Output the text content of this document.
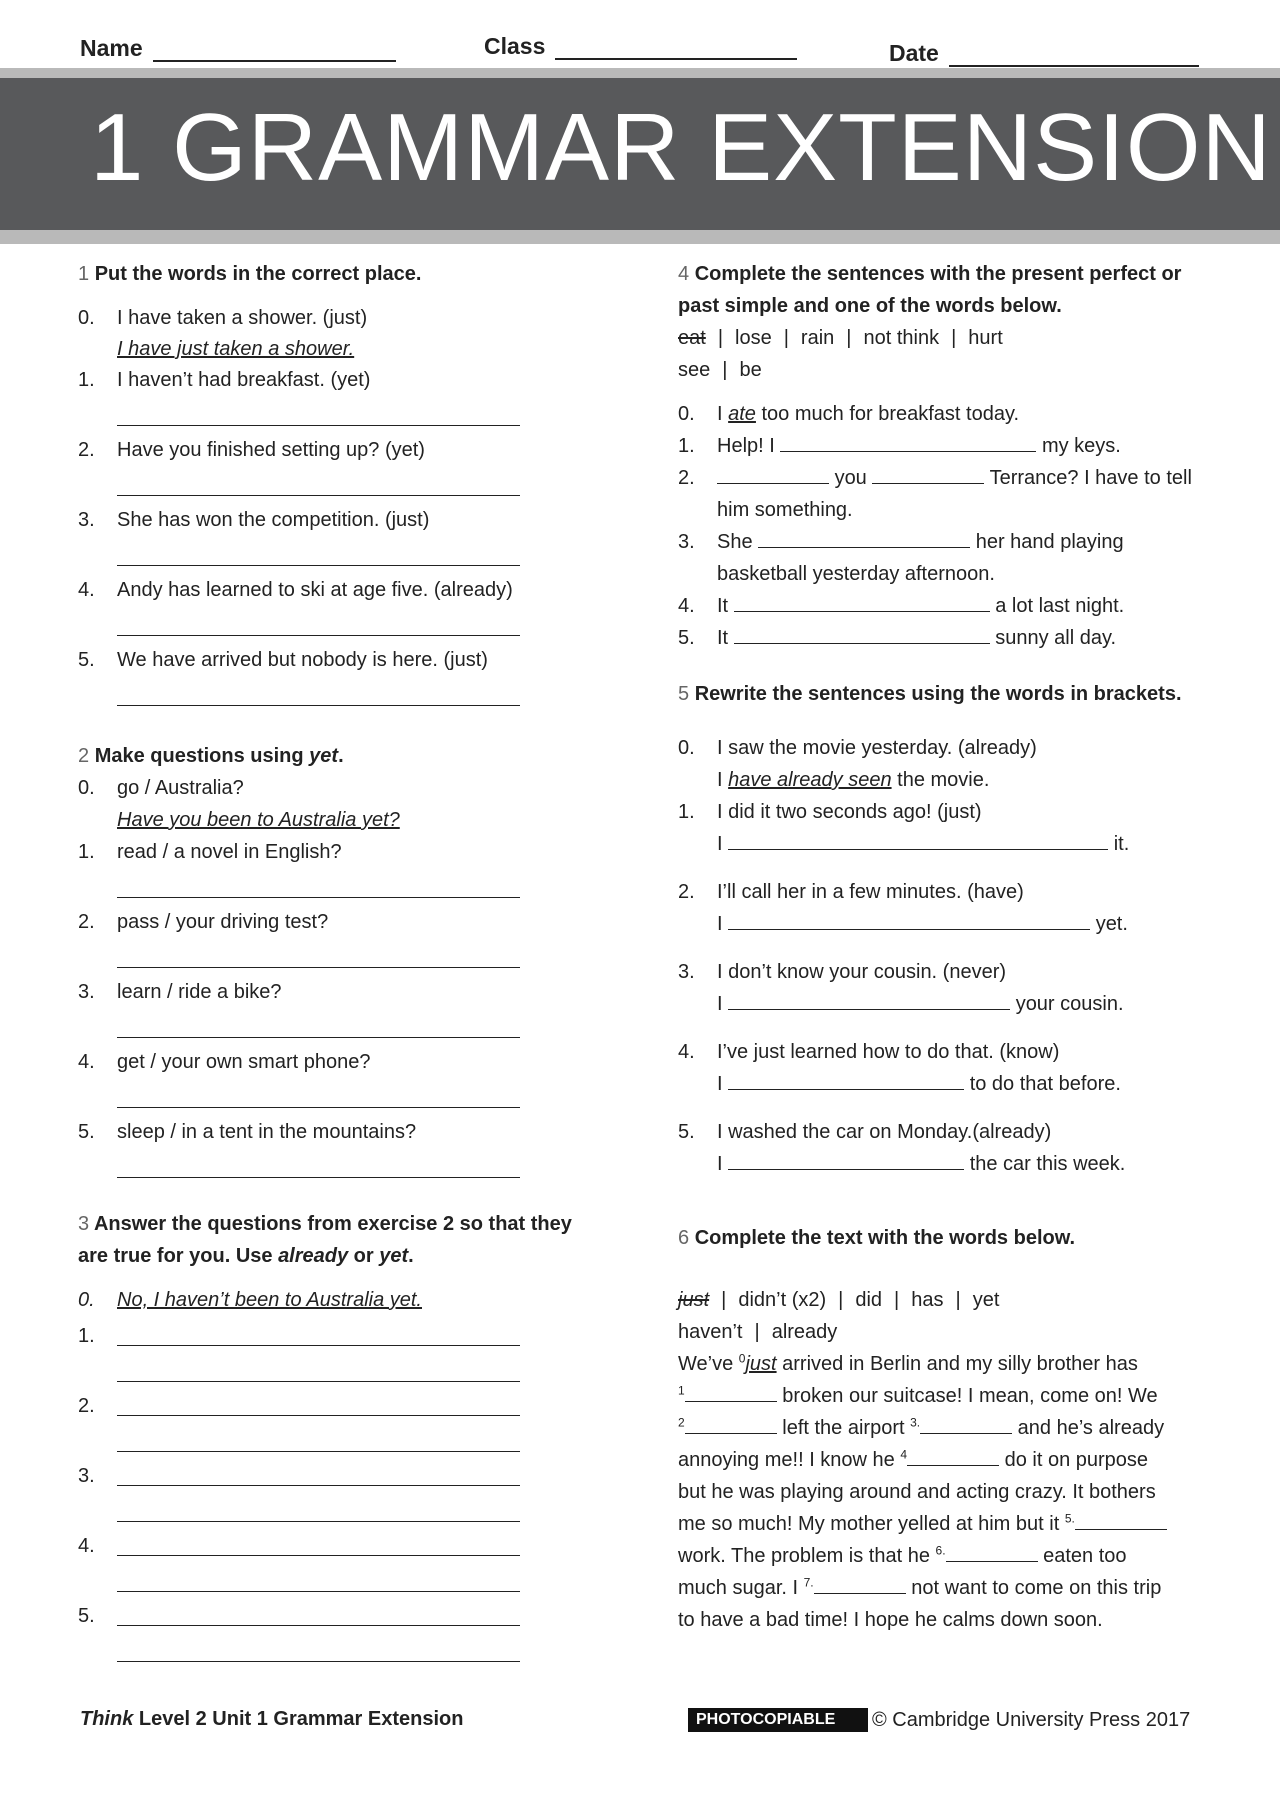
Name	Class	Date
1 GRAMMAR EXTENSION
1 Put the words in the correct place.
0.	I have taken a shower. (just)
I have just taken a shower.
1.	I haven’t had breakfast. (yet)
2.	Have you finished setting up? (yet)
3.	She has won the competition. (just)
4.	Andy has learned to ski at age five. (already)
5.	We have arrived but nobody is here. (just)
2 Make questions using yet.
0.	go / Australia?
Have you been to Australia yet?
1.	read / a novel in English?
2.	pass / your driving test?
3.	learn / ride a bike?
4.	get / your own smart phone?
5.	sleep / in a tent in the mountains?
3 Answer the questions from exercise 2 so that they are true for you. Use already or yet.
0.	No, I haven’t been to Australia yet.
1.
2.
3.
4.
5.
4 Complete the sentences with the present perfect or past simple and one of the words below.
eat | lose | rain | not think | hurt
see | be
0.	I ate too much for breakfast today.
1.	Help! I	my keys.
2.	you	Terrance? I have to tell him something.
3.	She	her hand playing basketball yesterday afternoon.
4.	It	a lot last night.
5.	It	sunny all day.
5 Rewrite the sentences using the words in brackets.
0.	I saw the movie yesterday. (already)
I have already seen the movie.
1.	I did it two seconds ago! (just)
I	it.
2.	I’ll call her in a few minutes. (have)
I	yet.
3.	I don’t know your cousin. (never)
I	your cousin.
4.	I’ve just learned how to do that. (know)
I	to do that before.
5.	I washed the car on Monday.(already)
I	the car this week.
6 Complete the text with the words below.
just | didn’t (x2) | did | has | yet
haven’t | already
We’ve $^0$just arrived in Berlin and my silly brother has
$^1$	broken our suitcase! I mean, come on! We
$^2$	left the airport $^{3.}$	and he’s already
annoying me!! I know he $^4$	do it on purpose
but he was playing around and acting crazy. It bothers
me so much! My mother yelled at him but it $^{5.}$
work. The problem is that he $^{6.}$	eaten too
much sugar. I $^{7.}$	not want to come on this trip
to have a bad time! I hope he calms down soon.
Think Level 2 Unit 1 Grammar Extension	PHOTOCOPIABLE	© Cambridge University Press 2017
